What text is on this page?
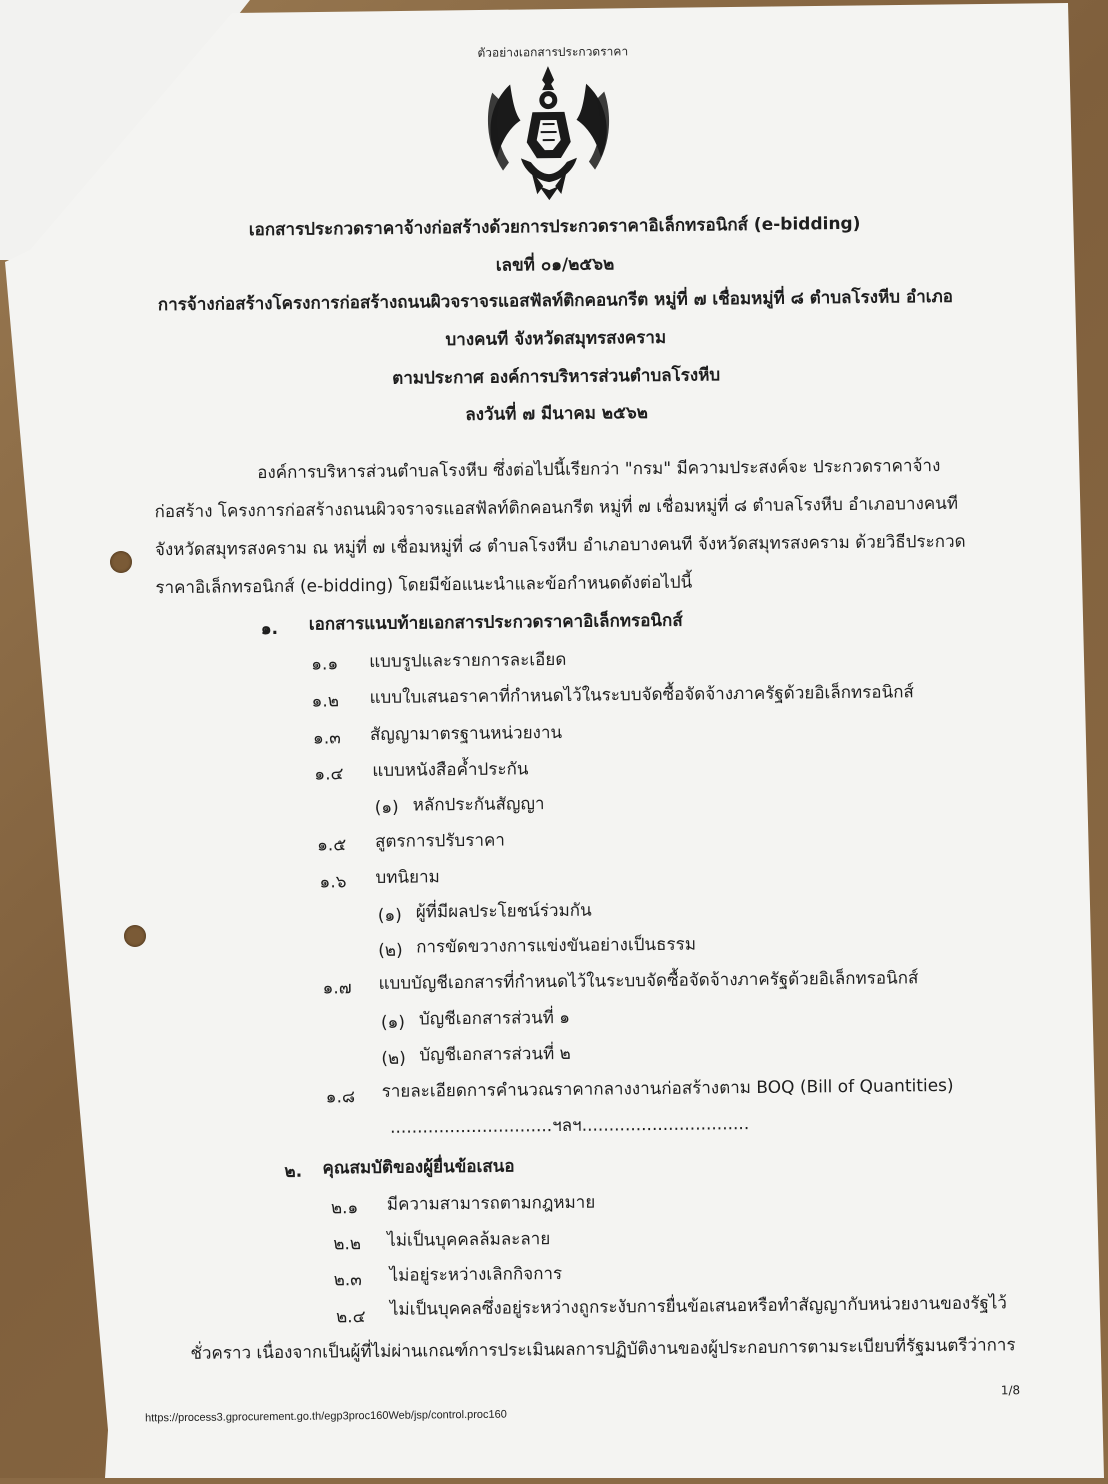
ตัวอย่างเอกสารประกวดราคา
เอกสารประกวดราคาจ้างก่อสร้างด้วยการประกวดราคาอิเล็กทรอนิกส์ (e-bidding)
เลขที่ ๐๑/๒๕๖๒
การจ้างก่อสร้างโครงการก่อสร้างถนนผิวจราจรแอสฟัลท์ติกคอนกรีต หมู่ที่ ๗ เชื่อมหมู่ที่ ๘ ตำบลโรงหีบ อำเภอ
บางคนที จังหวัดสมุทรสงคราม
ตามประกาศ องค์การบริหารส่วนตำบลโรงหีบ
ลงวันที่ ๗ มีนาคม ๒๕๖๒
องค์การบริหารส่วนตำบลโรงหีบ ซึ่งต่อไปนี้เรียกว่า "กรม" มีความประสงค์จะ ประกวดราคาจ้าง
ก่อสร้าง โครงการก่อสร้างถนนผิวจราจรแอสฟัลท์ติกคอนกรีต หมู่ที่ ๗ เชื่อมหมู่ที่ ๘ ตำบลโรงหีบ อำเภอบางคนที
จังหวัดสมุทรสงคราม ณ หมู่ที่ ๗ เชื่อมหมู่ที่ ๘ ตำบลโรงหีบ อำเภอบางคนที จังหวัดสมุทรสงคราม ด้วยวิธีประกวด
ราคาอิเล็กทรอนิกส์ (e-bidding) โดยมีข้อแนะนำและข้อกำหนดดังต่อไปนี้
๑. เอกสารแนบท้ายเอกสารประกวดราคาอิเล็กทรอนิกส์
๑.๑ แบบรูปและรายการละเอียด
๑.๒ แบบใบเสนอราคาที่กำหนดไว้ในระบบจัดซื้อจัดจ้างภาครัฐด้วยอิเล็กทรอนิกส์
๑.๓ สัญญามาตรฐานหน่วยงาน
๑.๔ แบบหนังสือค้ำประกัน
(๑) หลักประกันสัญญา
๑.๕ สูตรการปรับราคา
๑.๖ บทนิยาม
(๑) ผู้ที่มีผลประโยชน์ร่วมกัน
(๒) การขัดขวางการแข่งขันอย่างเป็นธรรม
๑.๗ แบบบัญชีเอกสารที่กำหนดไว้ในระบบจัดซื้อจัดจ้างภาครัฐด้วยอิเล็กทรอนิกส์
(๑) บัญชีเอกสารส่วนที่ ๑
(๒) บัญชีเอกสารส่วนที่ ๒
๑.๘ รายละเอียดการคำนวณราคากลางงานก่อสร้างตาม BOQ (Bill of Quantities)
..............................ฯลฯ...............................
๒. คุณสมบัติของผู้ยื่นข้อเสนอ
๒.๑ มีความสามารถตามกฎหมาย
๒.๒ ไม่เป็นบุคคลล้มละลาย
๒.๓ ไม่อยู่ระหว่างเลิกกิจการ
๒.๔ ไม่เป็นบุคคลซึ่งอยู่ระหว่างถูกระงับการยื่นข้อเสนอหรือทำสัญญากับหน่วยงานของรัฐไว้
ชั่วคราว เนื่องจากเป็นผู้ที่ไม่ผ่านเกณฑ์การประเมินผลการปฏิบัติงานของผู้ประกอบการตามระเบียบที่รัฐมนตรีว่าการ
1/8
https://process3.gprocurement.go.th/egp3proc160Web/jsp/control.proc160
